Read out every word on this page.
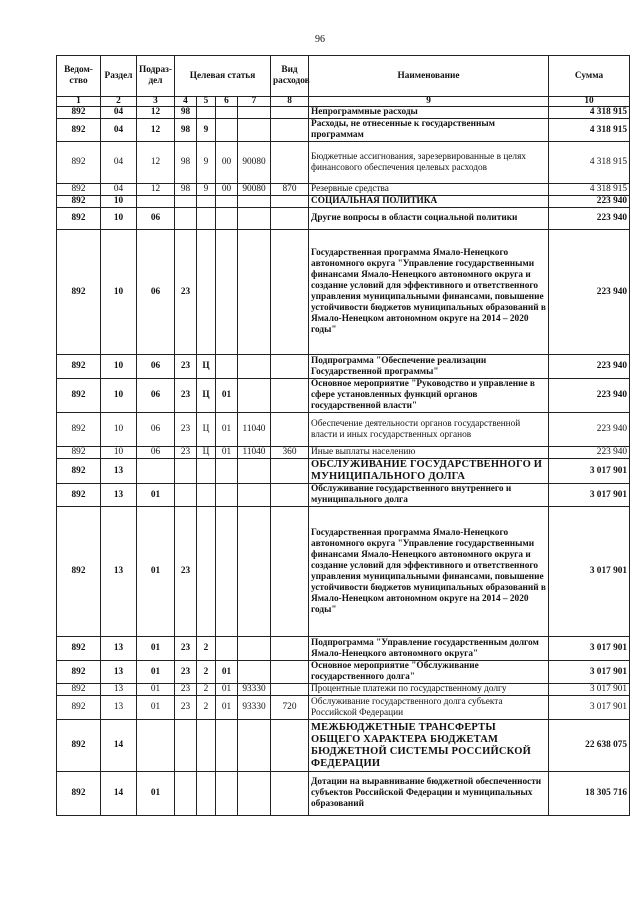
96
Ведом-
ство	Раздел	Подраз-
дел	Целевая статья				Вид
расходов	Наименование	Сумма
1	2	3	4	5	6	7	8	9	10
892	04	12	98					Непрограммные расходы	4 318 915
892	04	12	98	9				Расходы, не отнесенные к государственным программам	4 318 915
892	04	12	98	9	00	90080		Бюджетные ассигнования, зарезервированные в целях финансового обеспечения целевых расходов	4 318 915
892	04	12	98	9	00	90080	870	Резервные средства	4 318 915
892	10							СОЦИАЛЬНАЯ ПОЛИТИКА	223 940
892	10	06						Другие вопросы в области социальной политики	223 940
892	10	06	23					Государственная программа Ямало-Ненецкого автономного округа "Управление государственными финансами Ямало-Ненецкого автономного округа и создание условий для эффективного и ответственного управления муниципальными финансами, повышение устойчивости бюджетов муниципальных образований в Ямало-Ненецком автономном округе на 2014 – 2020 годы"	223 940
892	10	06	23	Ц				Подпрограмма "Обеспечение реализации Государственной программы"	223 940
892	10	06	23	Ц	01			Основное мероприятие "Руководство и управление в сфере установленных функций органов государственной власти"	223 940
892	10	06	23	Ц	01	11040		Обеспечение деятельности органов государственной власти и иных государственных органов	223 940
892	10	06	23	Ц	01	11040	360	Иные выплаты населению	223 940
892	13							ОБСЛУЖИВАНИЕ ГОСУДАРСТВЕННОГО И МУНИЦИПАЛЬНОГО ДОЛГА	3 017 901
892	13	01						Обслуживание государственного внутреннего и муниципального долга	3 017 901
892	13	01	23					Государственная программа Ямало-Ненецкого автономного округа "Управление государственными финансами Ямало-Ненецкого автономного округа и создание условий для эффективного и ответственного управления муниципальными финансами, повышение устойчивости бюджетов муниципальных образований в Ямало-Ненецком автономном округе на 2014 – 2020 годы"	3 017 901
892	13	01	23	2				Подпрограмма "Управление государственным долгом Ямало-Ненецкого автономного округа"	3 017 901
892	13	01	23	2	01			Основное мероприятие "Обслуживание государственного долга"	3 017 901
892	13	01	23	2	01	93330		Процентные платежи по государственному долгу	3 017 901
892	13	01	23	2	01	93330	720	Обслуживание государственного долга субъекта Российской Федерации	3 017 901
892	14							МЕЖБЮДЖЕТНЫЕ ТРАНСФЕРТЫ ОБЩЕГО ХАРАКТЕРА БЮДЖЕТАМ БЮДЖЕТНОЙ СИСТЕМЫ РОССИЙСКОЙ ФЕДЕРАЦИИ	22 638 075
892	14	01						Дотации на выравнивание бюджетной обеспеченности субъектов Российской Федерации и муниципальных образований	18 305 716
